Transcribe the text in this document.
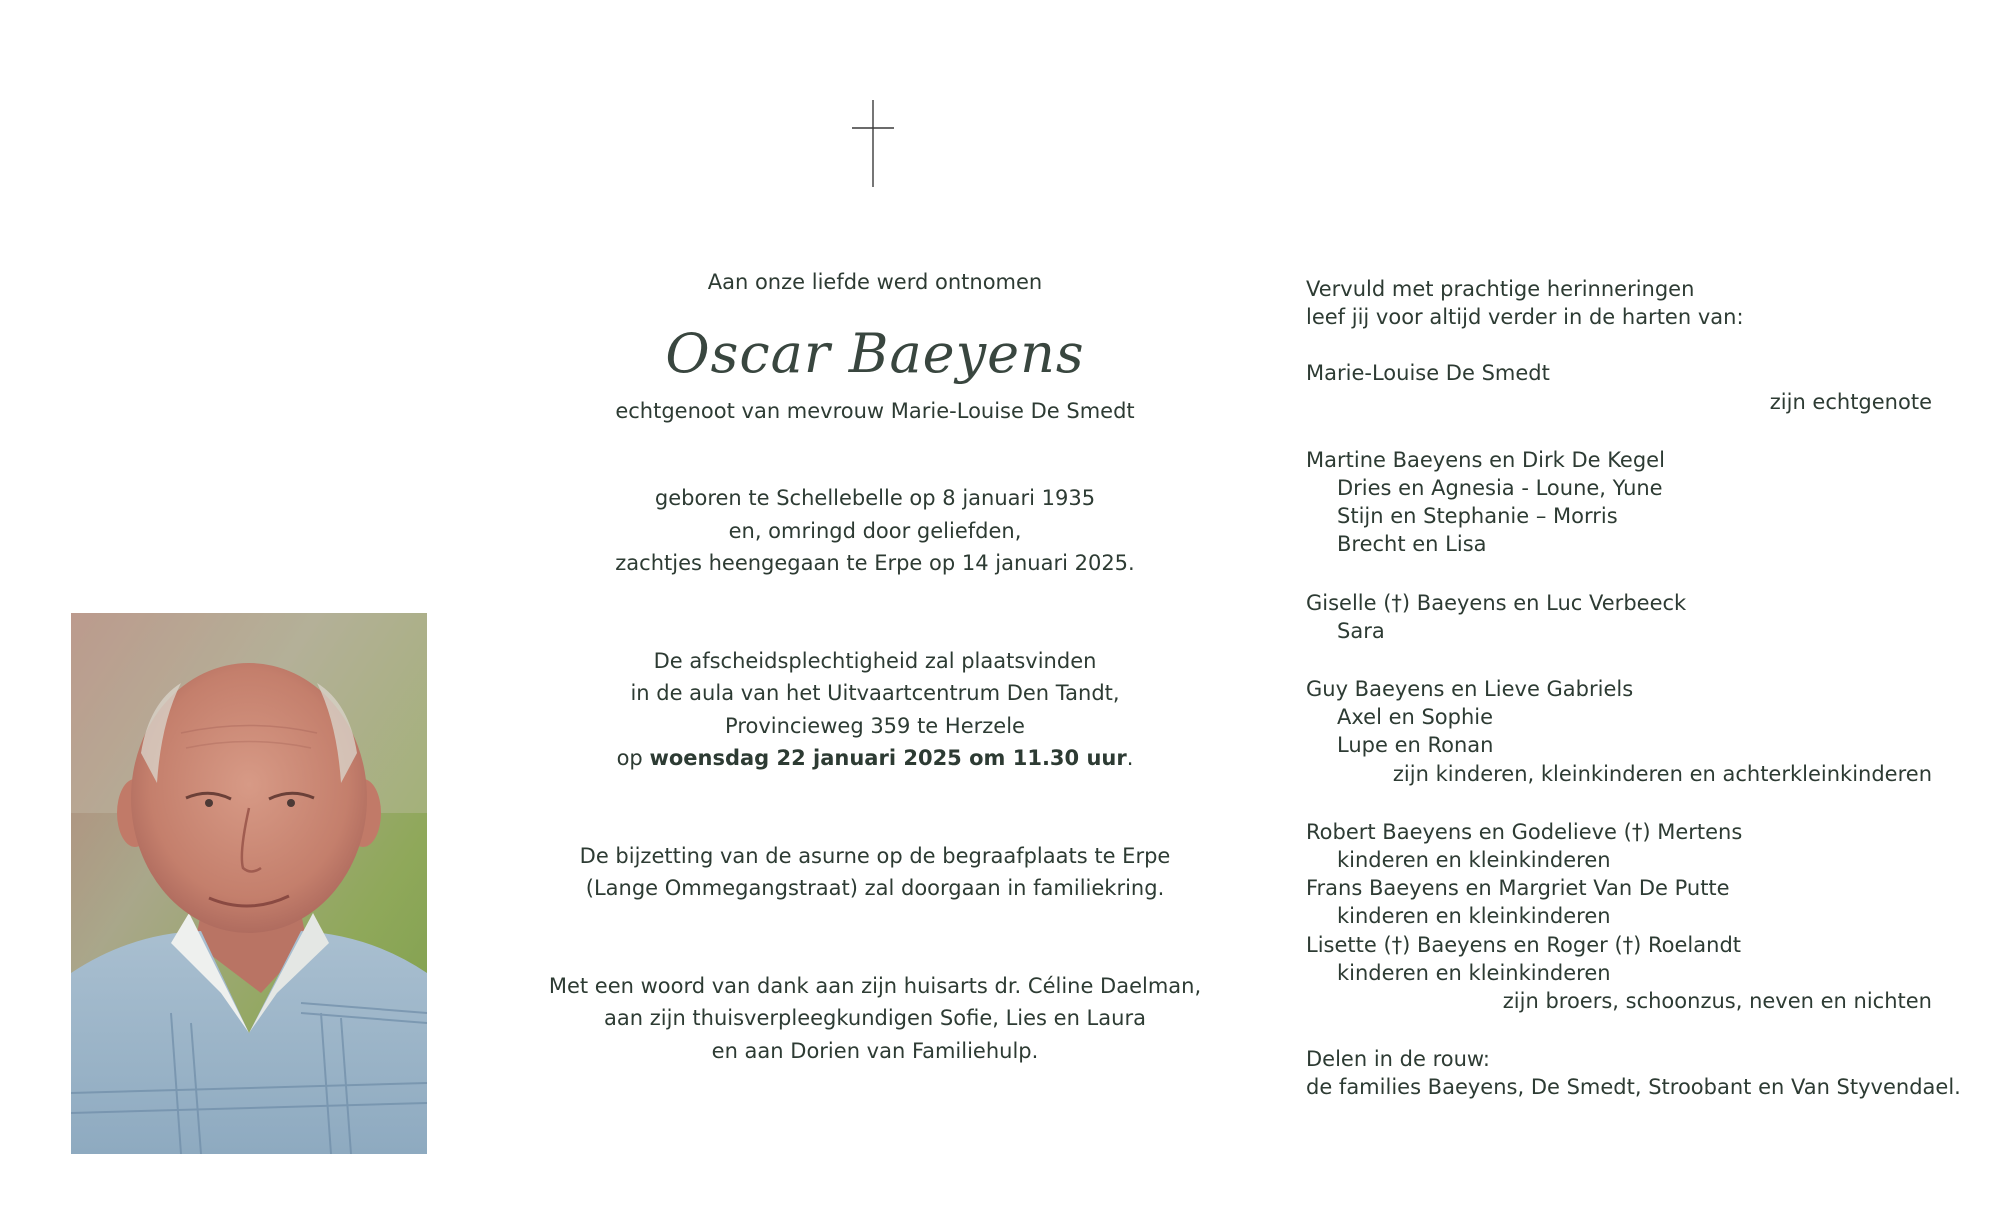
Aan onze liefde werd ontnomen

Oscar Baeyens

echtgenoot van mevrouw Marie-Louise De Smedt

geboren te Schellebelle op 8 januari 1935

en, omringd door geliefden,

zachtjes heengegaan te Erpe op 14 januari 2025.

De afscheidsplechtigheid zal plaatsvinden

in de aula van het Uitvaartcentrum Den Tandt,

Provincieweg 359 te Herzele

op woensdag 22 januari 2025 om 11.30 uur.

De bijzetting van de asurne op de begraafplaats te Erpe

(Lange Ommegangstraat) zal doorgaan in familiekring.

Met een woord van dank aan zijn huisarts dr. Céline Daelman,

aan zijn thuisverpleegkundigen Sofie, Lies en Laura

en aan Dorien van Familiehulp.

Vervuld met prachtige herinneringen
leef jij voor altijd verder in de harten van:
Marie-Louise De Smedt
zijn echtgenote
Martine Baeyens en Dirk De Kegel
Dries en Agnesia - Loune, Yune
Stijn en Stephanie – Morris
Brecht en Lisa
Giselle (†) Baeyens en Luc Verbeeck
Sara
Guy Baeyens en Lieve Gabriels
Axel en Sophie
Lupe en Ronan
zijn kinderen, kleinkinderen en achterkleinkinderen
Robert Baeyens en Godelieve (†) Mertens
kinderen en kleinkinderen
Frans Baeyens en Margriet Van De Putte
kinderen en kleinkinderen
Lisette (†) Baeyens en Roger (†) Roelandt
kinderen en kleinkinderen
zijn broers, schoonzus, neven en nichten
Delen in de rouw:
de families Baeyens, De Smedt, Stroobant en Van Styvendael.
